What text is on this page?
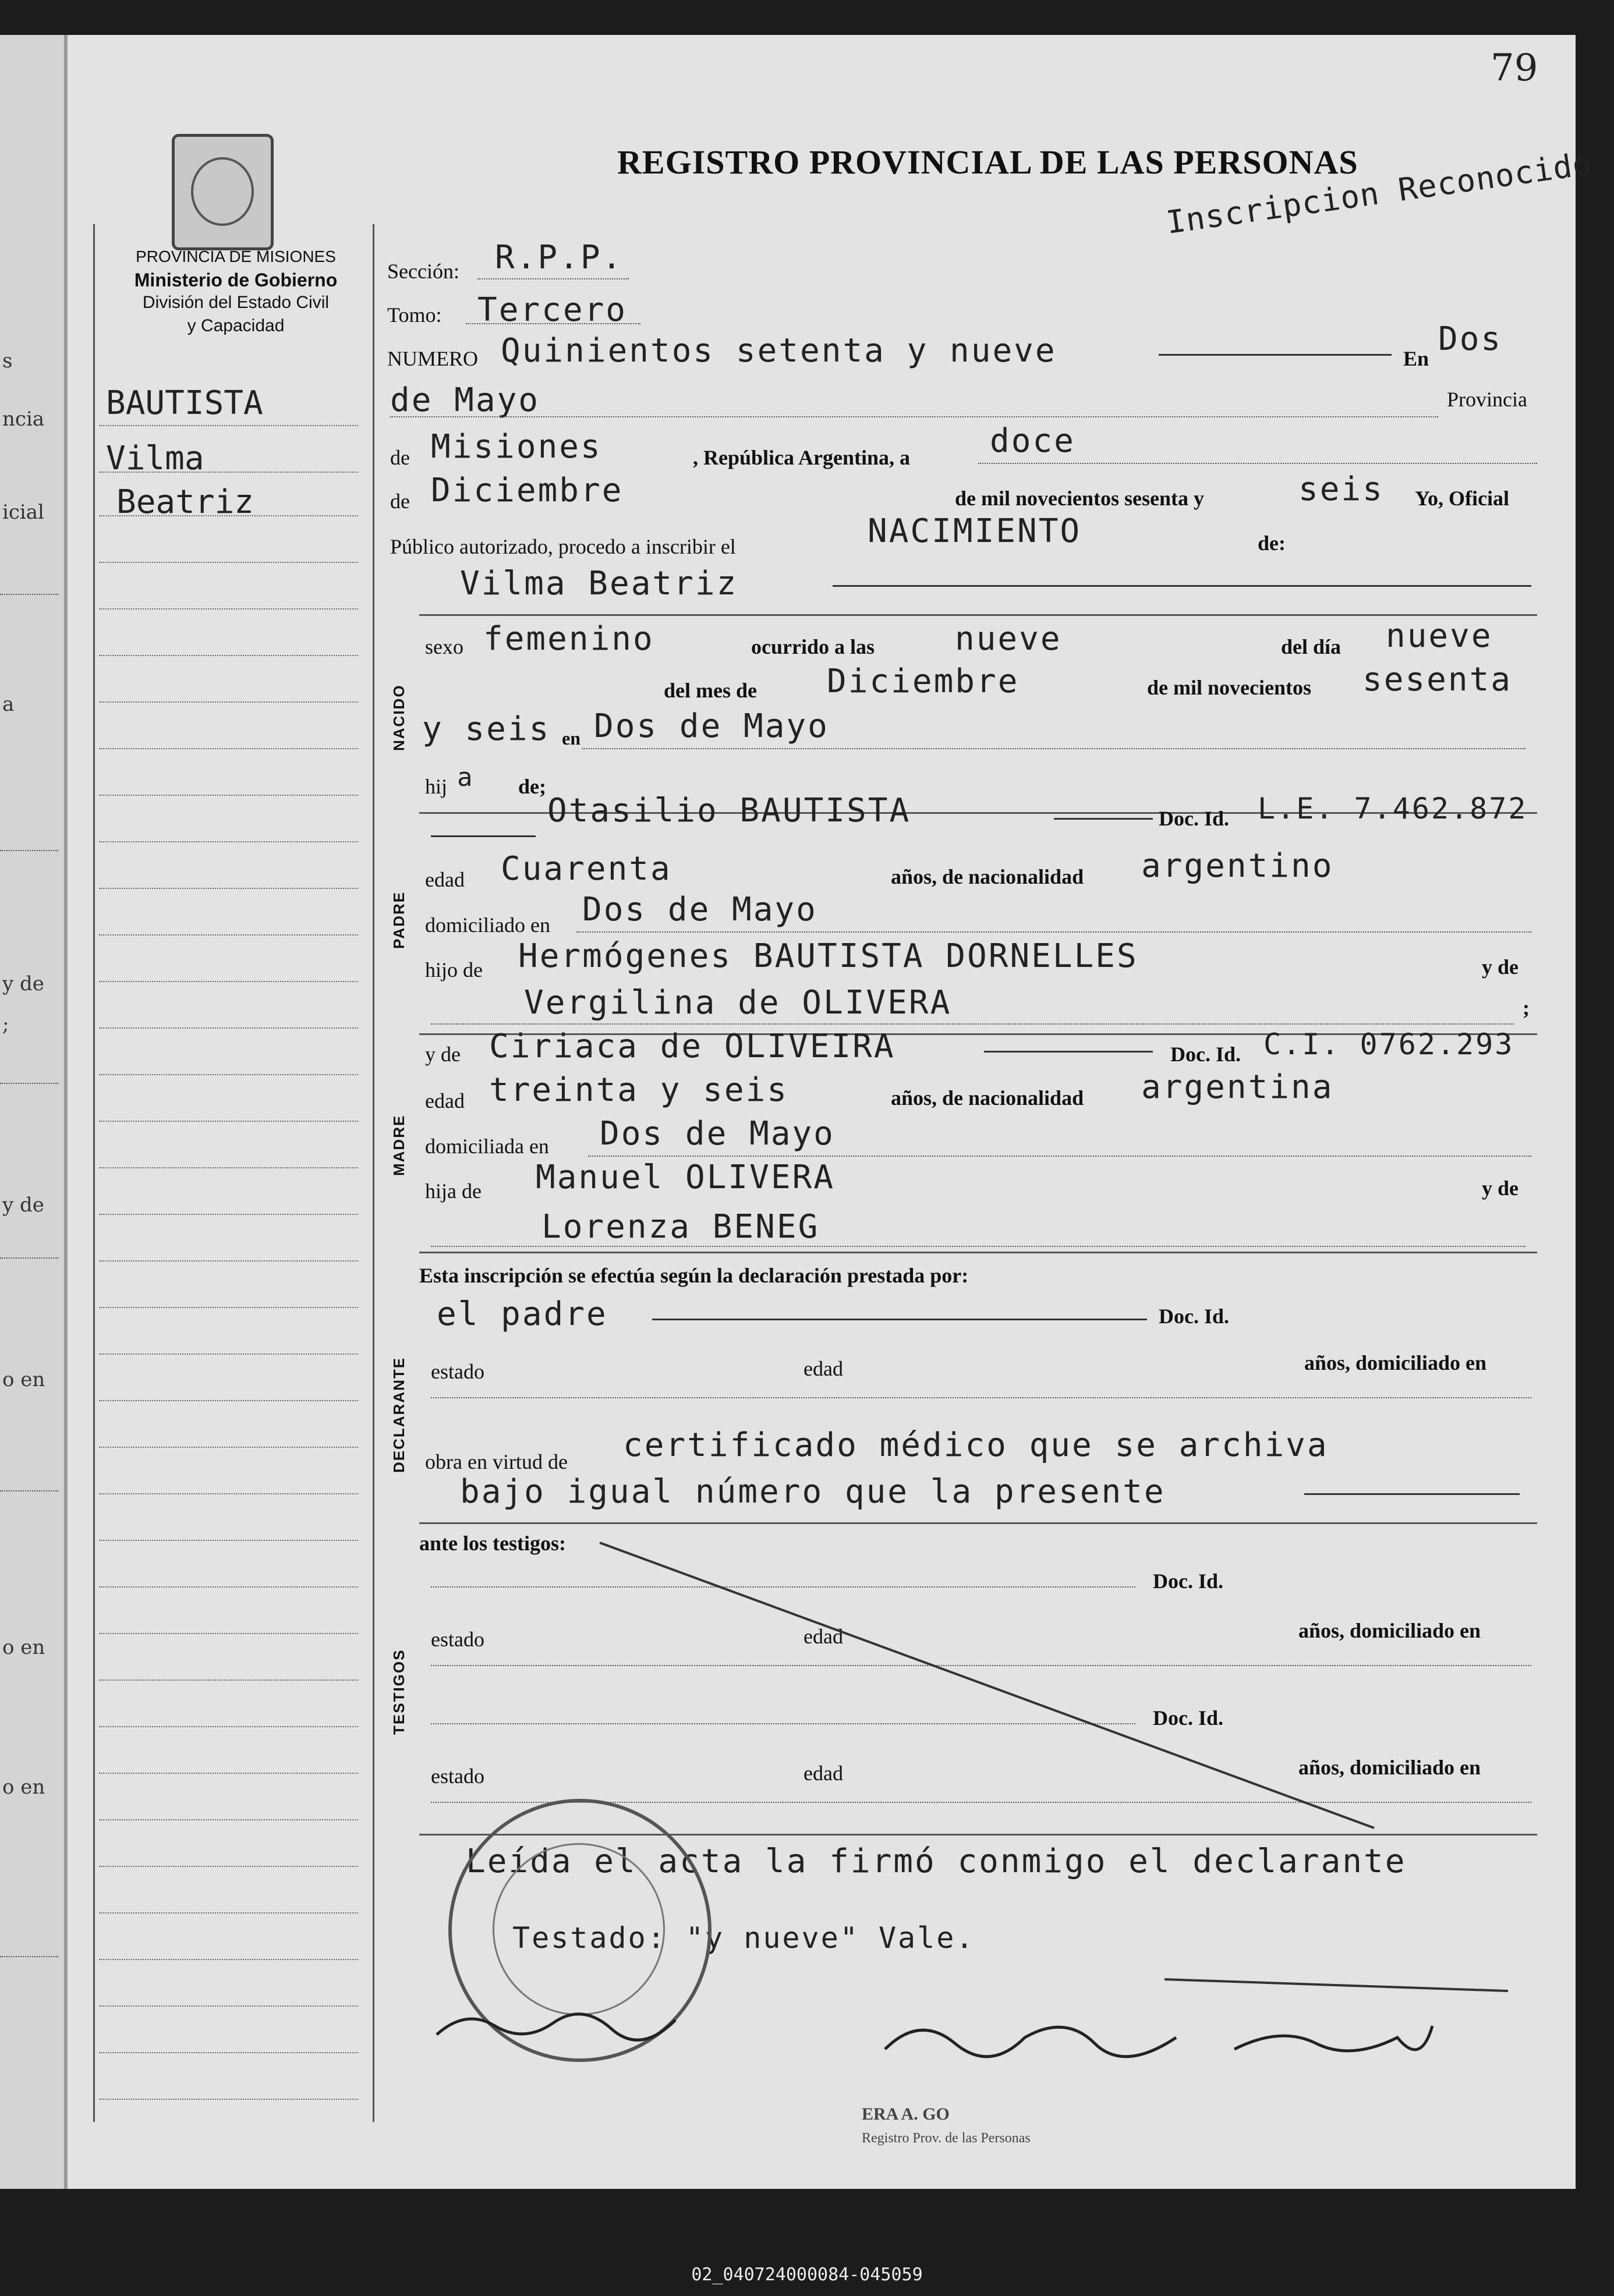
s
ncia
icial
a
y de
;
y de
o en
o en
o en
79
REGISTRO PROVINCIAL DE LAS PERSONAS
Inscripcion Reconocido
PROVINCIA DE MISIONES
Ministerio de Gobierno
División del Estado Civil
y Capacidad
BAUTISTA
Vilma
Beatriz
Sección: R.P.P.
Tomo: Tercero
NUMERO Quinientos setenta y nueve	En
Dos
de Mayo	Provincia
de Misiones	, República Argentina, a doce
de Diciembre	de mil novecientos sesenta y	seis Yo, Oficial
Público autorizado, procedo a inscribir el	NACIMIENTO	de:
Vilma Beatriz
NACIDO
sexo femenino	ocurrido a las nueve	del día nueve
del mes de Diciembre	de mil novecientos sesenta
y seis en Dos de Mayo
hij a de;
PADRE
Otasilio BAUTISTA	Doc. Id. L.E. 7.462.872
edad Cuarenta	años, de nacionalidad argentino
domiciliado en Dos de Mayo
hijo de Hermógenes BAUTISTA DORNELLES	y de
Vergilina de OLIVERA	;
MADRE
y de Ciriaca de OLIVEIRA	Doc. Id. C.I. 0762.293
edad treinta y seis	años, de nacionalidad argentina
domiciliada en Dos de Mayo
hija de Manuel OLIVERA	y de
Lorenza BENEG
Esta inscripción se efectúa según la declaración prestada por:
DECLARANTE
el padre	Doc. Id.
estado	edad	años, domiciliado en
obra en virtud de certificado médico que se archiva
bajo igual número que la presente
ante los testigos:
TESTIGOS
Doc. Id.
estado	edad	años, domiciliado en
Doc. Id.
estado	edad	años, domiciliado en
Leída el acta la firmó conmigo el declarante
Testado: "y nueve" Vale.
ERA A. GO
Registro Prov. de las Personas
02_040724000084-045059
